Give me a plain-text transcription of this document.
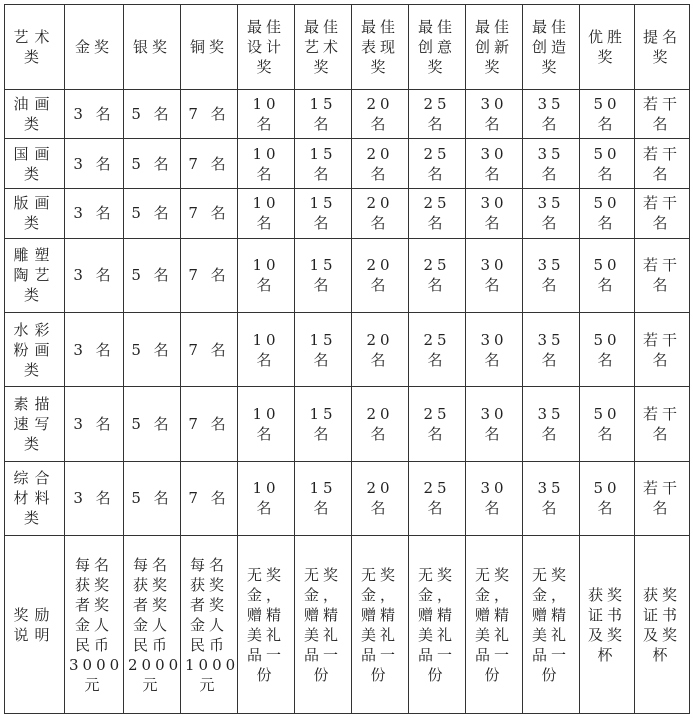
艺术类	金奖	银奖	铜奖	最佳设计奖	最佳艺术奖	最佳表现奖	最佳创意奖	最佳创新奖	最佳创造奖	优胜奖	提名奖
油画类	3 名	5 名	7 名	10 名	15 名	20 名	25 名	30 名	35 名	50 名	若干名
国画类	3 名	5 名	7 名	10 名	15 名	20 名	25 名	30 名	35 名	50 名	若干名
版画类	3 名	5 名	7 名	10 名	15 名	20 名	25 名	30 名	35 名	50 名	若干名
雕塑陶艺类	3 名	5 名	7 名	10 名	15 名	20 名	25 名	30 名	35 名	50 名	若干名
水彩粉画类	3 名	5 名	7 名	10 名	15 名	20 名	25 名	30 名	35 名	50 名	若干名
素描速写类	3 名	5 名	7 名	10 名	15 名	20 名	25 名	30 名	35 名	50 名	若干名
综合材料类	3 名	5 名	7 名	10 名	15 名	20 名	25 名	30 名	35 名	50 名	若干名
奖励说明	每名获奖者奖金人民币3000元	每名获奖者奖金人民币2000元	每名获奖者奖金人民币1000元	无奖金，赠精美礼品一份	无奖金，赠精美礼品一份	无奖金，赠精美礼品一份	无奖金，赠精美礼品一份	无奖金，赠精美礼品一份	无奖金，赠精美礼品一份	获奖证书及奖杯	获奖证书及奖杯
